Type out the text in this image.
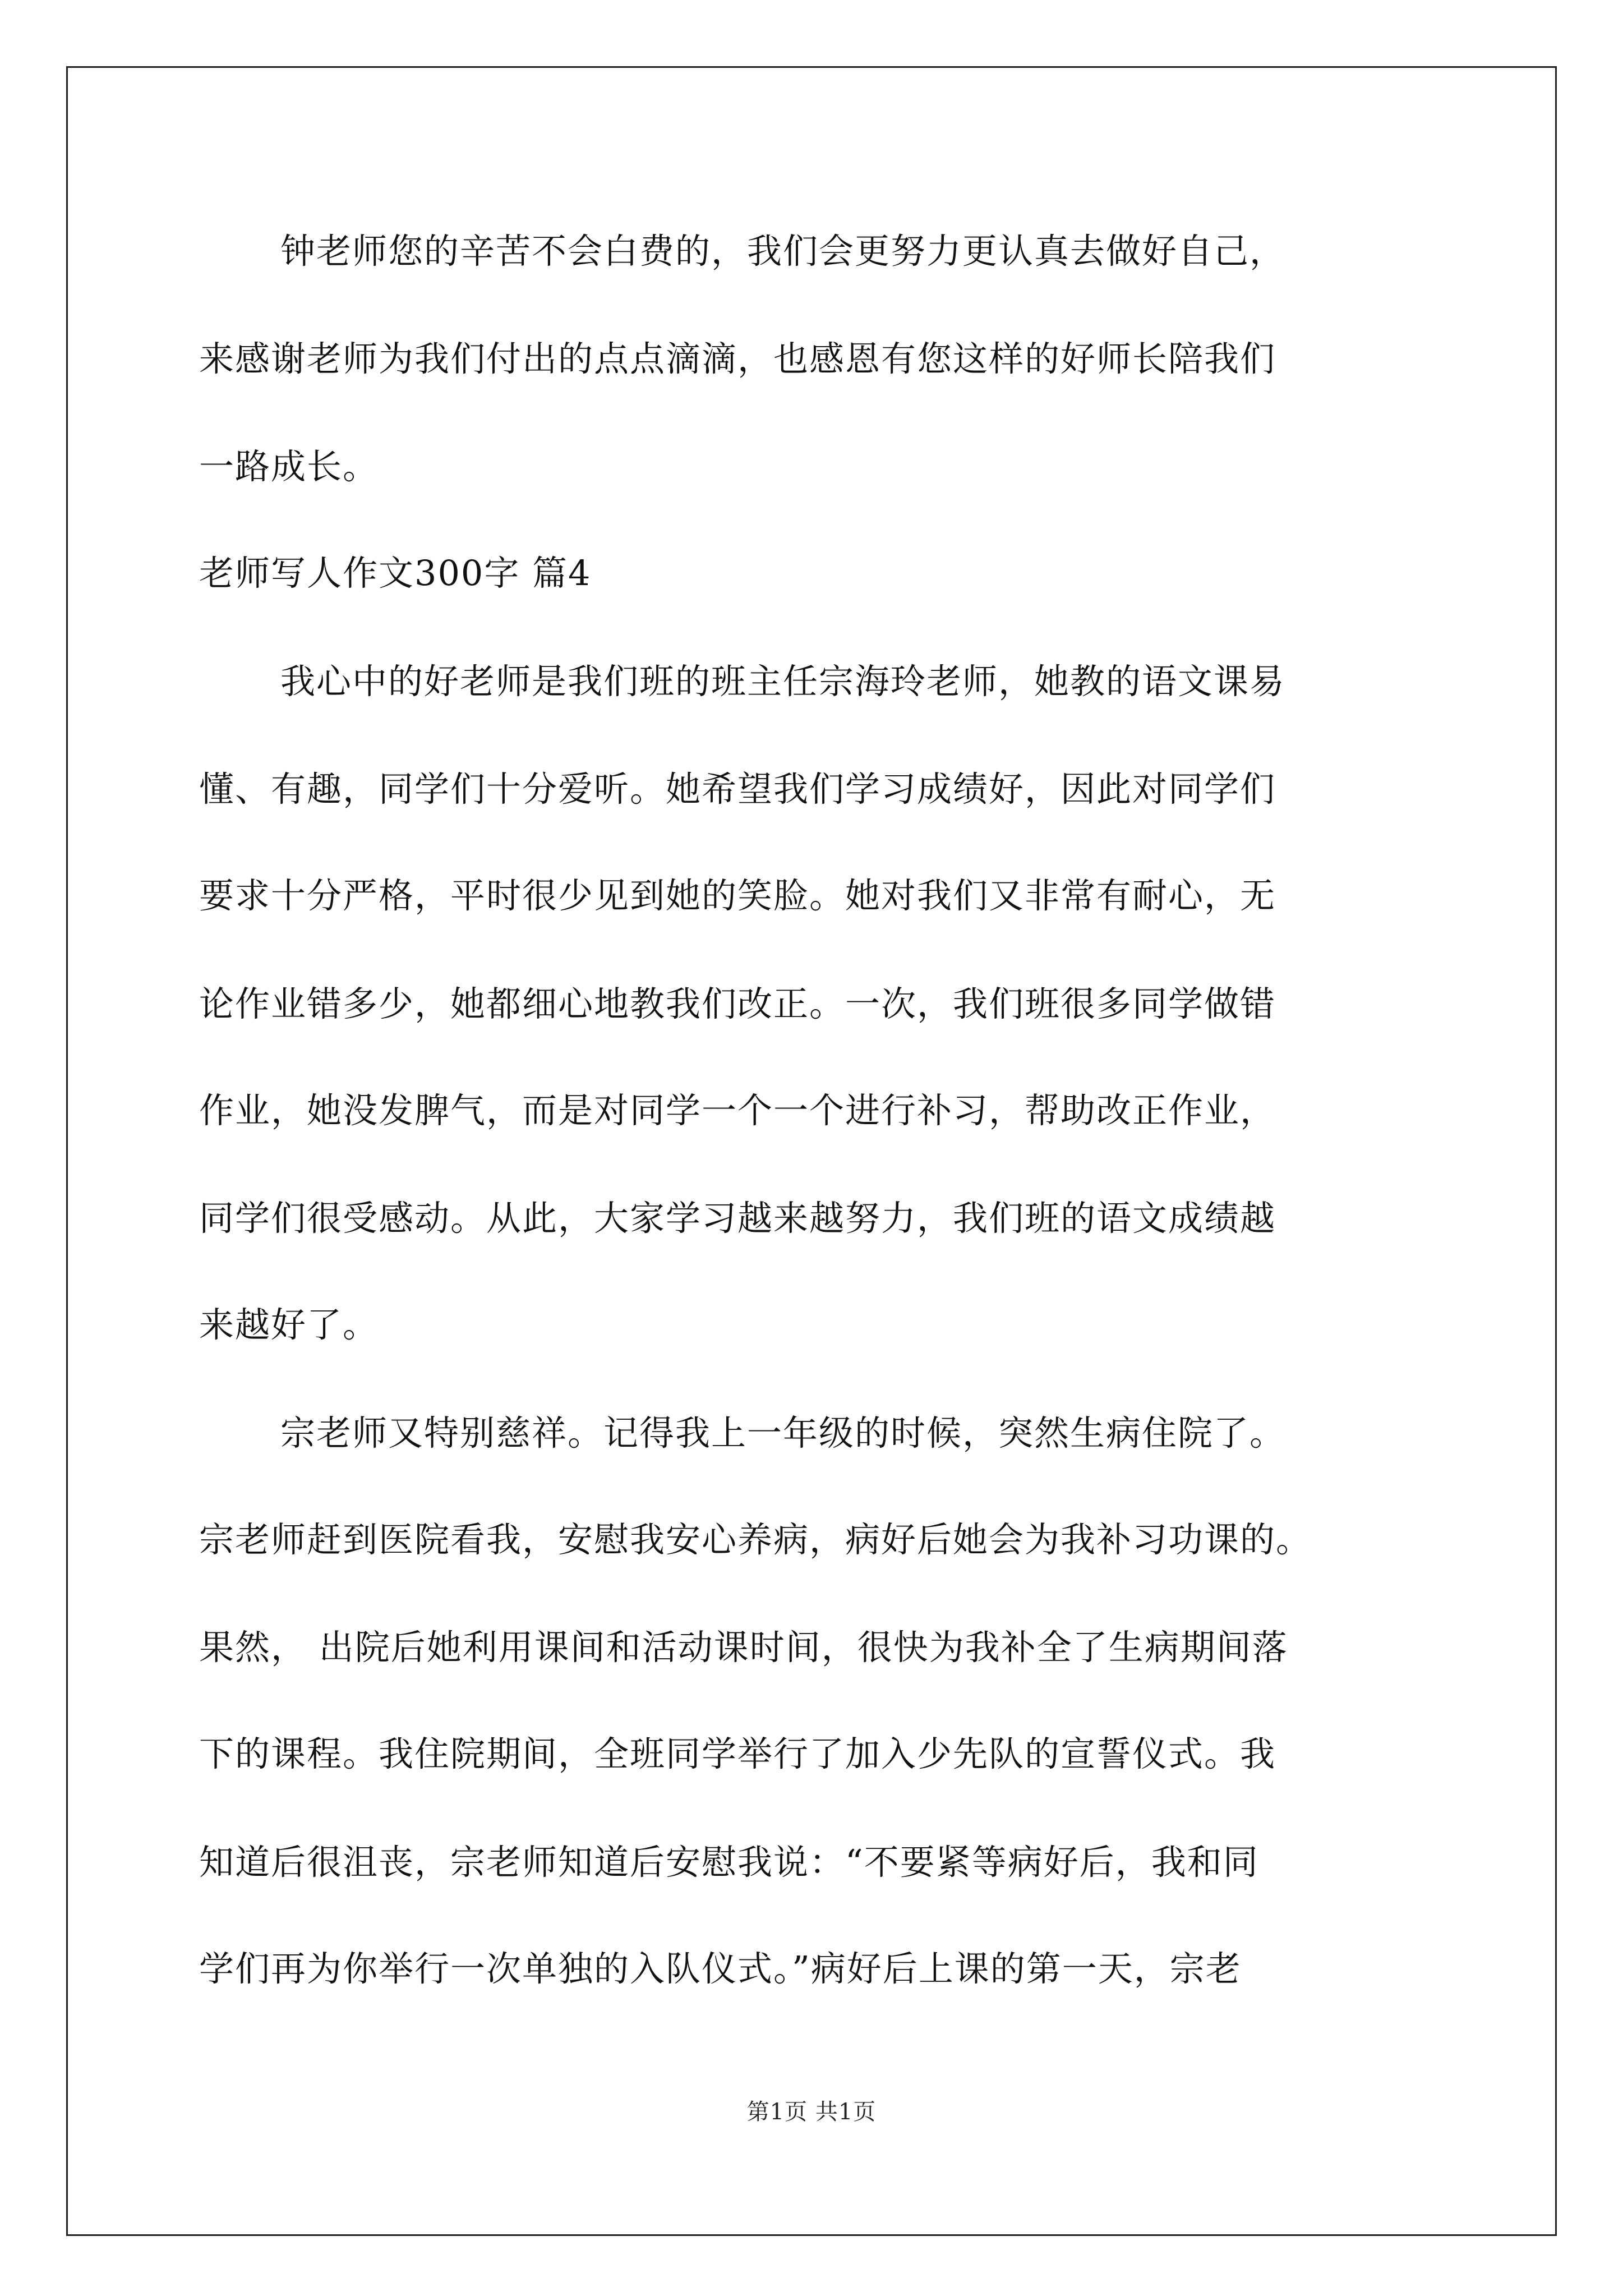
钟老师您的辛苦不会白费的，我们会更努力更认真去做好自己，
来感谢老师为我们付出的点点滴滴，也感恩有您这样的好师长陪我们
一路成长。
老师写人作文300字 篇4
我心中的好老师是我们班的班主任宗海玲老师，她教的语文课易
懂、有趣，同学们十分爱听。她希望我们学习成绩好，因此对同学们
要求十分严格，平时很少见到她的笑脸。她对我们又非常有耐心，无
论作业错多少，她都细心地教我们改正。一次，我们班很多同学做错
作业，她没发脾气，而是对同学一个一个进行补习，帮助改正作业，
同学们很受感动。从此，大家学习越来越努力，我们班的语文成绩越
来越好了。
宗老师又特别慈祥。记得我上一年级的时候，突然生病住院了。
宗老师赶到医院看我，安慰我安心养病，病好后她会为我补习功课的。
果然， 出院后她利用课间和活动课时间，很快为我补全了生病期间落
下的课程。我住院期间，全班同学举行了加入少先队的宣誓仪式。我
知道后很沮丧，宗老师知道后安慰我说：“不要紧等病好后，我和同
学们再为你举行一次单独的入队仪式。”病好后上课的第一天，宗老
第1页 共1页
